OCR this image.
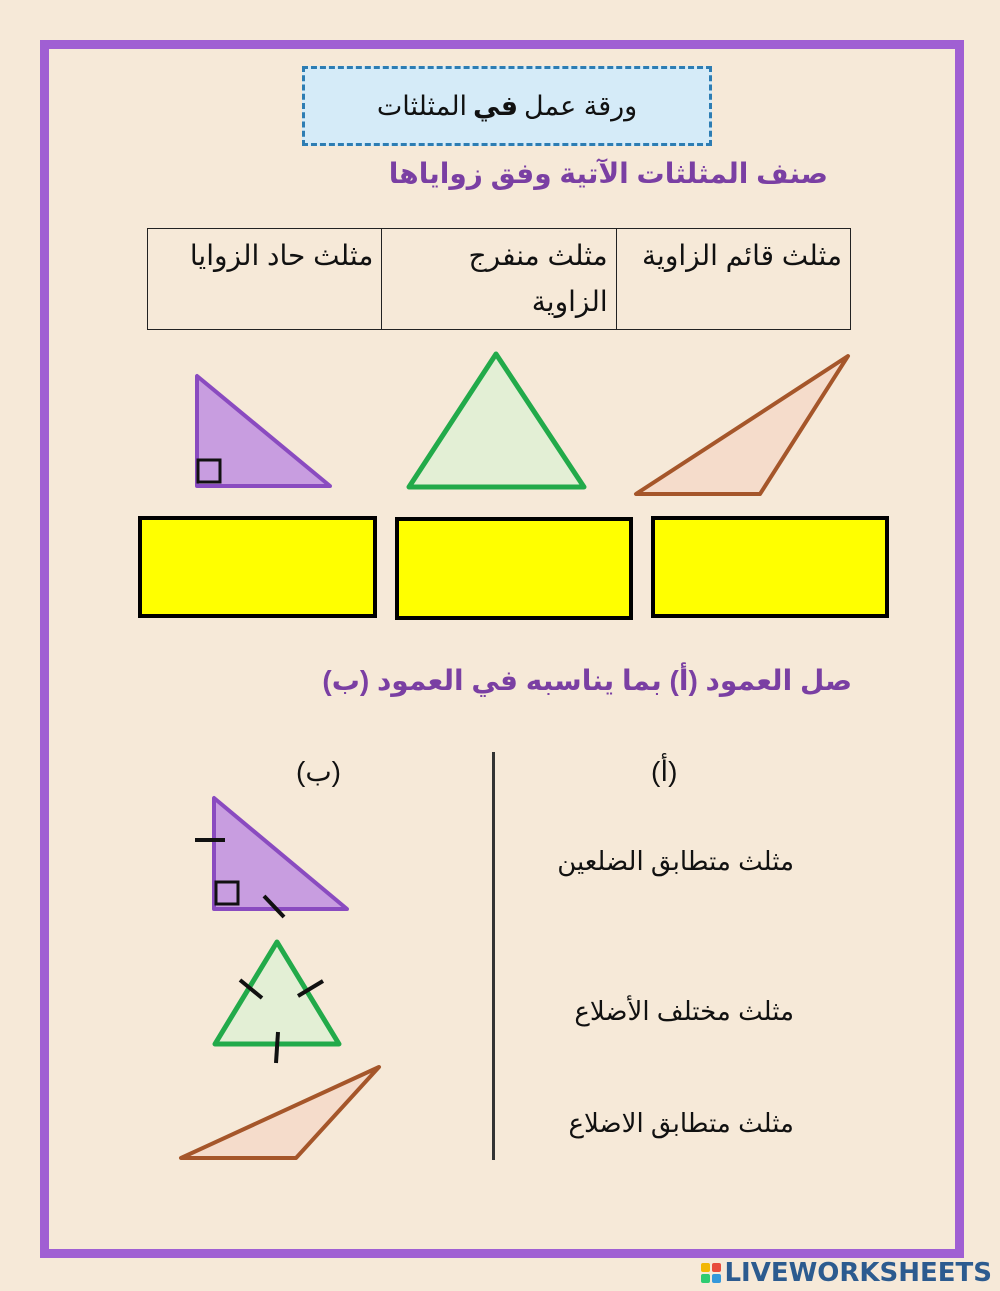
ورقة عمل
في
المثلثات
صنف المثلثات الآتية وفق زواياها
مثلث قائم الزاوية	مثلث منفرج الزاوية	مثلث حاد الزوايا
صل العمود (أ) بما يناسبه في العمود (ب)
(ب)	(أ)
مثلث متطابق الضلعين
مثلث مختلف الأضلاع
مثلث متطابق الاضلاع
LIVEWORKSHEETS
